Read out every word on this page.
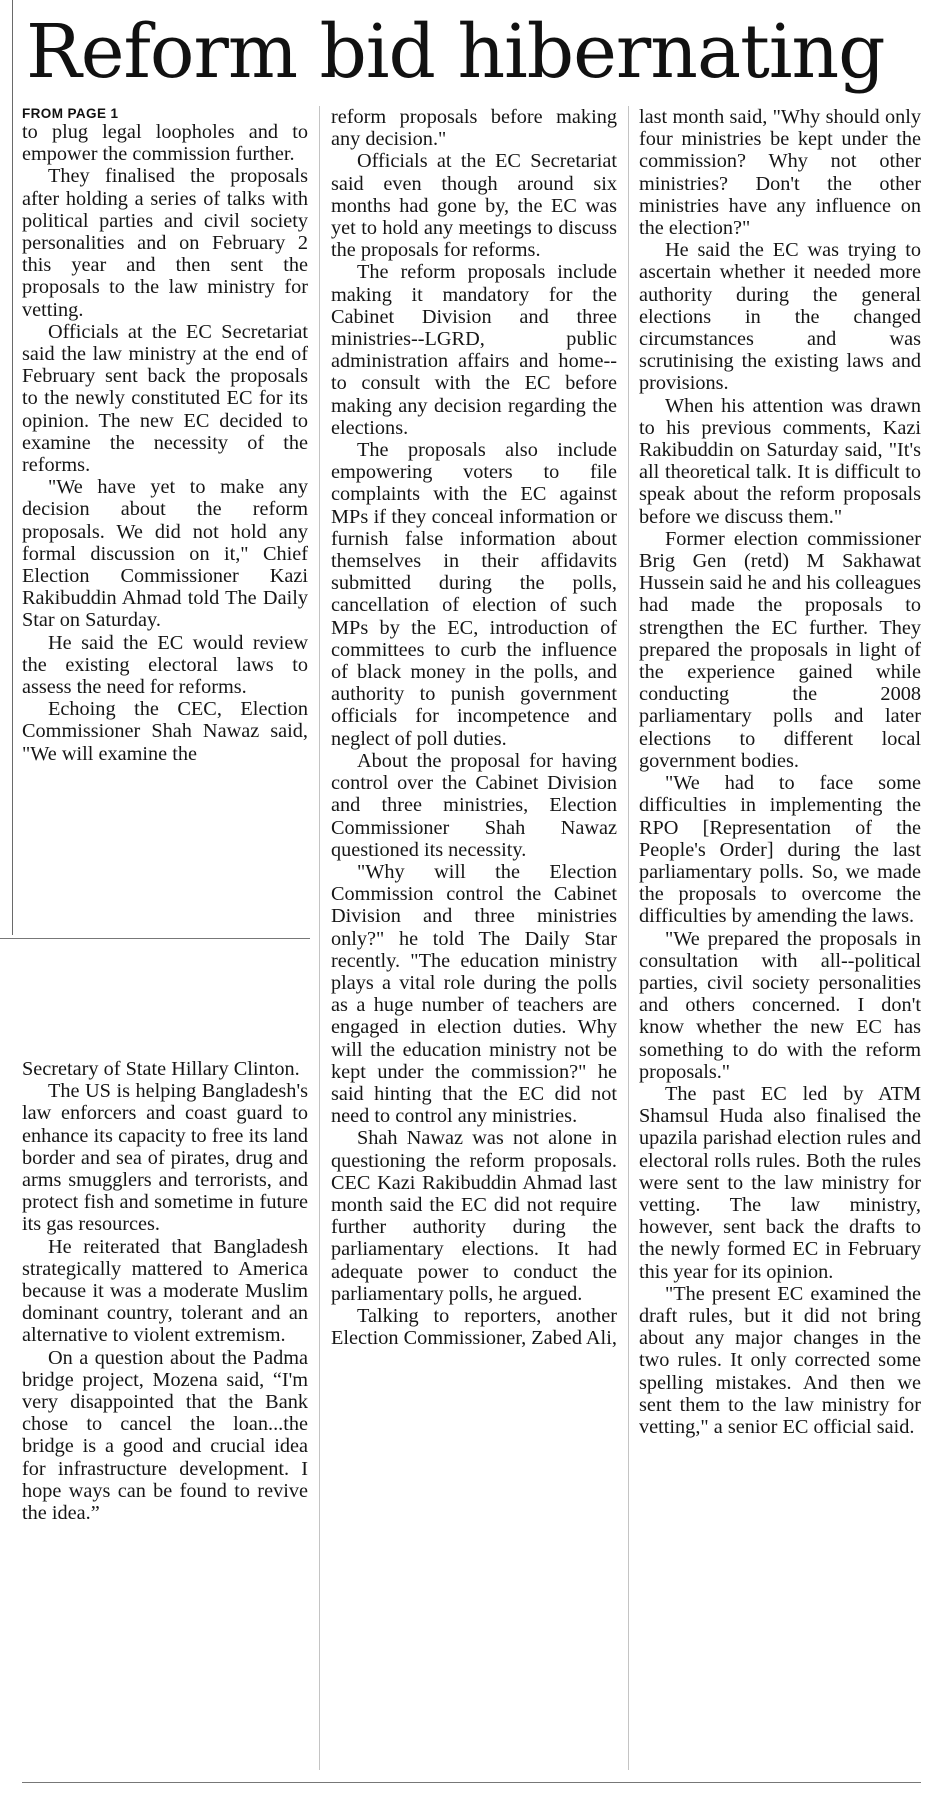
Reform bid hibernating
FROM PAGE 1

to plug legal loopholes and to empower the commission further.

They finalised the proposals after holding a series of talks with political parties and civil society personalities and on February 2 this year and then sent the proposals to the law ministry for vetting.

Officials at the EC Secretariat said the law ministry at the end of February sent back the proposals to the newly constituted EC for its opinion. The new EC decided to examine the necessity of the reforms.

"We have yet to make any decision about the reform proposals. We did not hold any formal discussion on it," Chief Election Commissioner Kazi Rakibuddin Ahmad told The Daily Star on Saturday.

He said the EC would review the existing electoral laws to assess the need for reforms.

Echoing the CEC, Election Commissioner Shah Nawaz said, "We will examine the

Secretary of State Hillary Clinton.

The US is helping Bangladesh's law enforcers and coast guard to enhance its capacity to free its land border and sea of pirates, drug and arms smugglers and terrorists, and protect fish and sometime in future its gas resources.

He reiterated that Bangladesh strategically mattered to America because it was a moderate Muslim dominant country, tolerant and an alternative to violent extremism.

On a question about the Padma bridge project, Mozena said, “I'm very disappointed that the Bank chose to cancel the loan...the bridge is a good and crucial idea for infrastructure development. I hope ways can be found to revive the idea.”

reform proposals before making any decision."

Officials at the EC Secretariat said even though around six months had gone by, the EC was yet to hold any meetings to discuss the proposals for reforms.

The reform proposals include making it mandatory for the Cabinet Division and three ministries--LGRD, public administration affairs and home--to consult with the EC before making any decision regarding the elections.

The proposals also include empowering voters to file complaints with the EC against MPs if they conceal information or furnish false information about themselves in their affidavits submitted during the polls, cancellation of election of such MPs by the EC, introduction of committees to curb the influence of black money in the polls, and authority to punish government officials for incompetence and neglect of poll duties.

About the proposal for having control over the Cabinet Division and three ministries, Election Commissioner Shah Nawaz questioned its necessity.

"Why will the Election Commission control the Cabinet Division and three ministries only?" he told The Daily Star recently. "The education ministry plays a vital role during the polls as a huge number of teachers are engaged in election duties. Why will the education ministry not be kept under the commission?" he said hinting that the EC did not need to control any ministries.

Shah Nawaz was not alone in questioning the reform proposals. CEC Kazi Rakibuddin Ahmad last month said the EC did not require further authority during the parliamentary elections. It had adequate power to conduct the parliamentary polls, he argued.

Talking to reporters, another Election Commissioner, Zabed Ali,

last month said, "Why should only four ministries be kept under the commission? Why not other ministries? Don't the other ministries have any influence on the election?"

He said the EC was trying to ascertain whether it needed more authority during the general elections in the changed circumstances and was scrutinising the existing laws and provisions.

When his attention was drawn to his previous comments, Kazi Rakibuddin on Saturday said, "It's all theoretical talk. It is difficult to speak about the reform proposals before we discuss them."

Former election commissioner Brig Gen (retd) M Sakhawat Hussein said he and his colleagues had made the proposals to strengthen the EC further. They prepared the proposals in light of the experience gained while conducting the 2008 parliamentary polls and later elections to different local government bodies.

"We had to face some difficulties in implementing the RPO [Representation of the People's Order] during the last parliamentary polls. So, we made the proposals to overcome the difficulties by amending the laws.

"We prepared the proposals in consultation with all--political parties, civil society personalities and others concerned. I don't know whether the new EC has something to do with the reform proposals."

The past EC led by ATM Shamsul Huda also finalised the upazila parishad election rules and electoral rolls rules. Both the rules were sent to the law ministry for vetting. The law ministry, however, sent back the drafts to the newly formed EC in February this year for its opinion.

"The present EC examined the draft rules, but it did not bring about any major changes in the two rules. It only corrected some spelling mistakes. And then we sent them to the law ministry for vetting," a senior EC official said.
